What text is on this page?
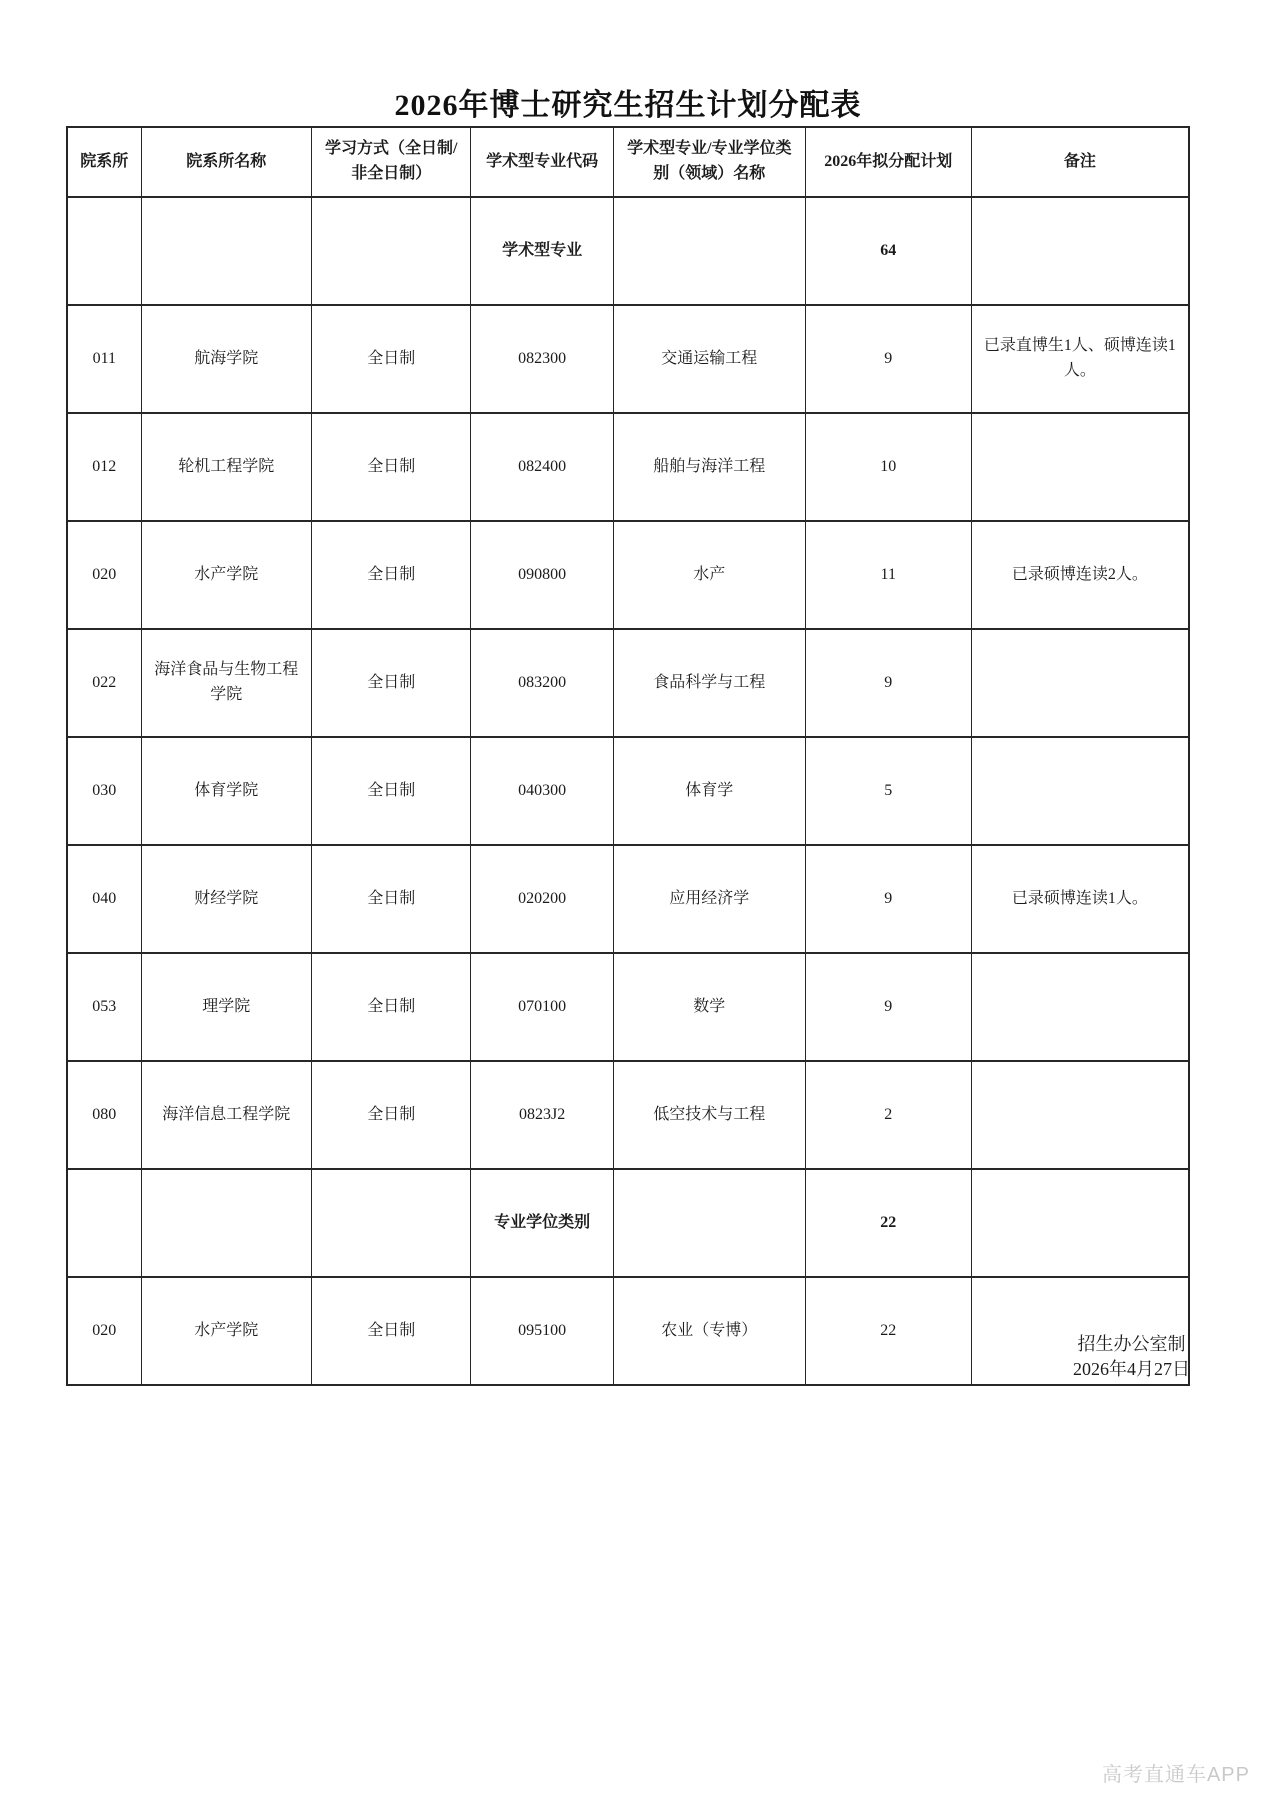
2026年博士研究生招生计划分配表
院系所	院系所名称	学习方式（全日制/非全日制）	学术型专业代码	学术型专业/专业学位类别（领域）名称	2026年拟分配计划	备注
			学术型专业		64	
011	航海学院	全日制	082300	交通运输工程	9	已录直博生1人、硕博连读1人。
012	轮机工程学院	全日制	082400	船舶与海洋工程	10	
020	水产学院	全日制	090800	水产	11	已录硕博连读2人。
022	海洋食品与生物工程学院	全日制	083200	食品科学与工程	9	
030	体育学院	全日制	040300	体育学	5	
040	财经学院	全日制	020200	应用经济学	9	已录硕博连读1人。
053	理学院	全日制	070100	数学	9	
080	海洋信息工程学院	全日制	0823J2	低空技术与工程	2	
			专业学位类别		22	
020	水产学院	全日制	095100	农业（专博）	22	
招生办公室制
2026年4月27日
高考直通车APP
